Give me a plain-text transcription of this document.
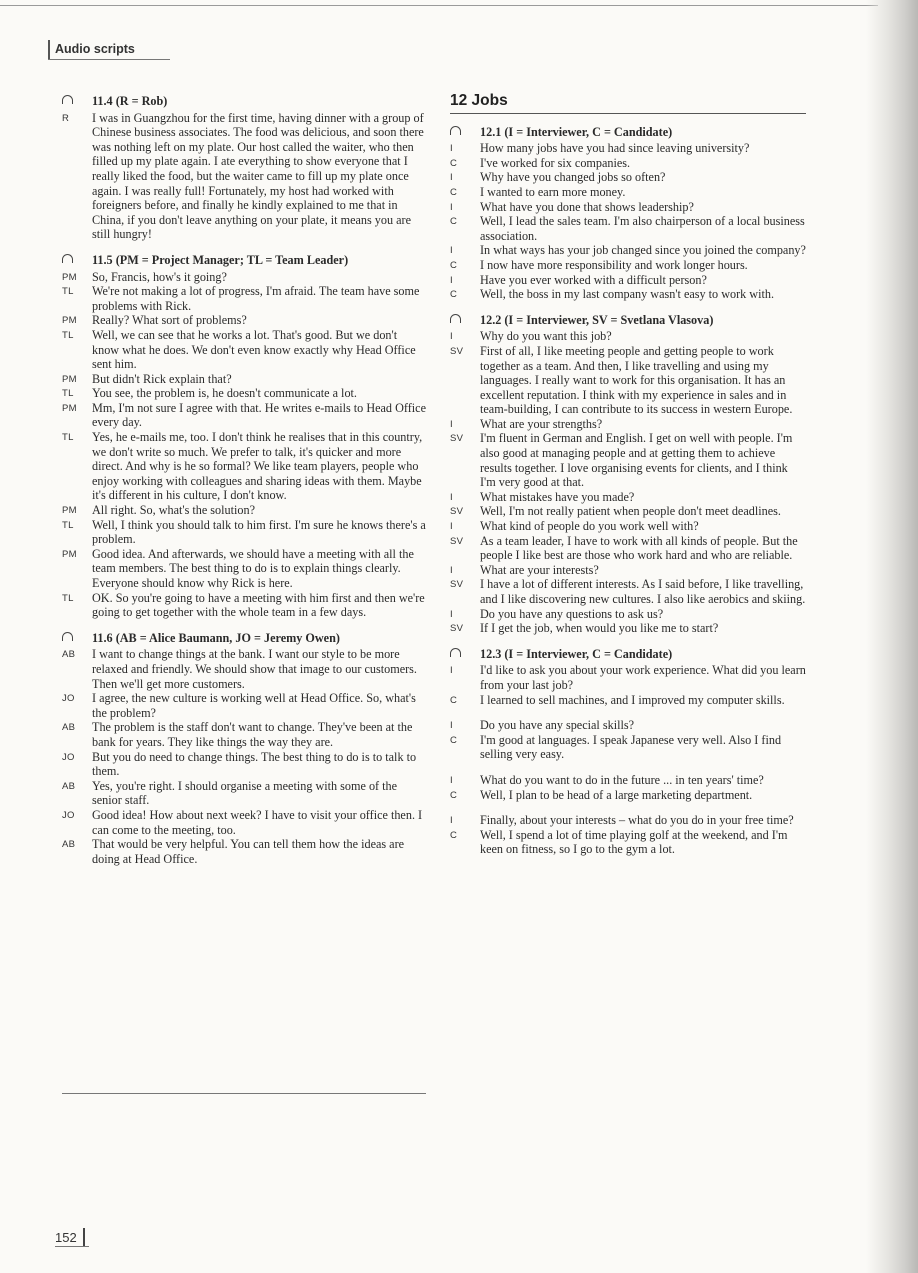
Audio scripts
11.4 (R = Rob)
R I was in Guangzhou for the first time, having dinner with a group of Chinese business associates. The food was delicious, and soon there was nothing left on my plate. Our host called the waiter, who then filled up my plate again. I ate everything to show everyone that I really liked the food, but the waiter came to fill up my plate once again. I was really full! Fortunately, my host had worked with foreigners before, and finally he kindly explained to me that in China, if you don't leave anything on your plate, it means you are still hungry!
11.5 (PM = Project Manager; TL = Team Leader)
PM So, Francis, how's it going?
TL We're not making a lot of progress, I'm afraid. The team have some problems with Rick.
PM Really? What sort of problems?
TL Well, we can see that he works a lot. That's good. But we don't know what he does. We don't even know exactly why Head Office sent him.
PM But didn't Rick explain that?
TL You see, the problem is, he doesn't communicate a lot.
PM Mm, I'm not sure I agree with that. He writes e-mails to Head Office every day.
TL Yes, he e-mails me, too. I don't think he realises that in this country, we don't write so much. We prefer to talk, it's quicker and more direct. And why is he so formal? We like team players, people who enjoy working with colleagues and sharing ideas with them. Maybe it's different in his culture, I don't know.
PM All right. So, what's the solution?
TL Well, I think you should talk to him first. I'm sure he knows there's a problem.
PM Good idea. And afterwards, we should have a meeting with all the team members. The best thing to do is to explain things clearly. Everyone should know why Rick is here.
TL OK. So you're going to have a meeting with him first and then we're going to get together with the whole team in a few days.
11.6 (AB = Alice Baumann, JO = Jeremy Owen)
AB I want to change things at the bank. I want our style to be more relaxed and friendly. We should show that image to our customers. Then we'll get more customers.
JO I agree, the new culture is working well at Head Office. So, what's the problem?
AB The problem is the staff don't want to change. They've been at the bank for years. They like things the way they are.
JO But you do need to change things. The best thing to do is to talk to them.
AB Yes, you're right. I should organise a meeting with some of the senior staff.
JO Good idea! How about next week? I have to visit your office then. I can come to the meeting, too.
AB That would be very helpful. You can tell them how the ideas are doing at Head Office.
12 Jobs
12.1 (I = Interviewer, C = Candidate)
I How many jobs have you had since leaving university?
C I've worked for six companies.
I Why have you changed jobs so often?
C I wanted to earn more money.
I What have you done that shows leadership?
C Well, I lead the sales team. I'm also chairperson of a local business association.
I In what ways has your job changed since you joined the company?
C I now have more responsibility and work longer hours.
I Have you ever worked with a difficult person?
C Well, the boss in my last company wasn't easy to work with.
12.2 (I = Interviewer, SV = Svetlana Vlasova)
I Why do you want this job?
SV First of all, I like meeting people and getting people to work together as a team. And then, I like travelling and using my languages. I really want to work for this organisation. It has an excellent reputation. I think with my experience in sales and in team-building, I can contribute to its success in western Europe.
I What are your strengths?
SV I'm fluent in German and English. I get on well with people. I'm also good at managing people and at getting them to achieve results together. I love organising events for clients, and I think I'm very good at that.
I What mistakes have you made?
SV Well, I'm not really patient when people don't meet deadlines.
I What kind of people do you work well with?
SV As a team leader, I have to work with all kinds of people. But the people I like best are those who work hard and who are reliable.
I What are your interests?
SV I have a lot of different interests. As I said before, I like travelling, and I like discovering new cultures. I also like aerobics and skiing.
I Do you have any questions to ask us?
SV If I get the job, when would you like me to start?
12.3 (I = Interviewer, C = Candidate)
I I'd like to ask you about your work experience. What did you learn from your last job?
C I learned to sell machines, and I improved my computer skills.
I Do you have any special skills?
C I'm good at languages. I speak Japanese very well. Also I find selling very easy.
I What do you want to do in the future ... in ten years' time?
C Well, I plan to be head of a large marketing department.
I Finally, about your interests – what do you do in your free time?
C Well, I spend a lot of time playing golf at the weekend, and I'm keen on fitness, so I go to the gym a lot.
152
